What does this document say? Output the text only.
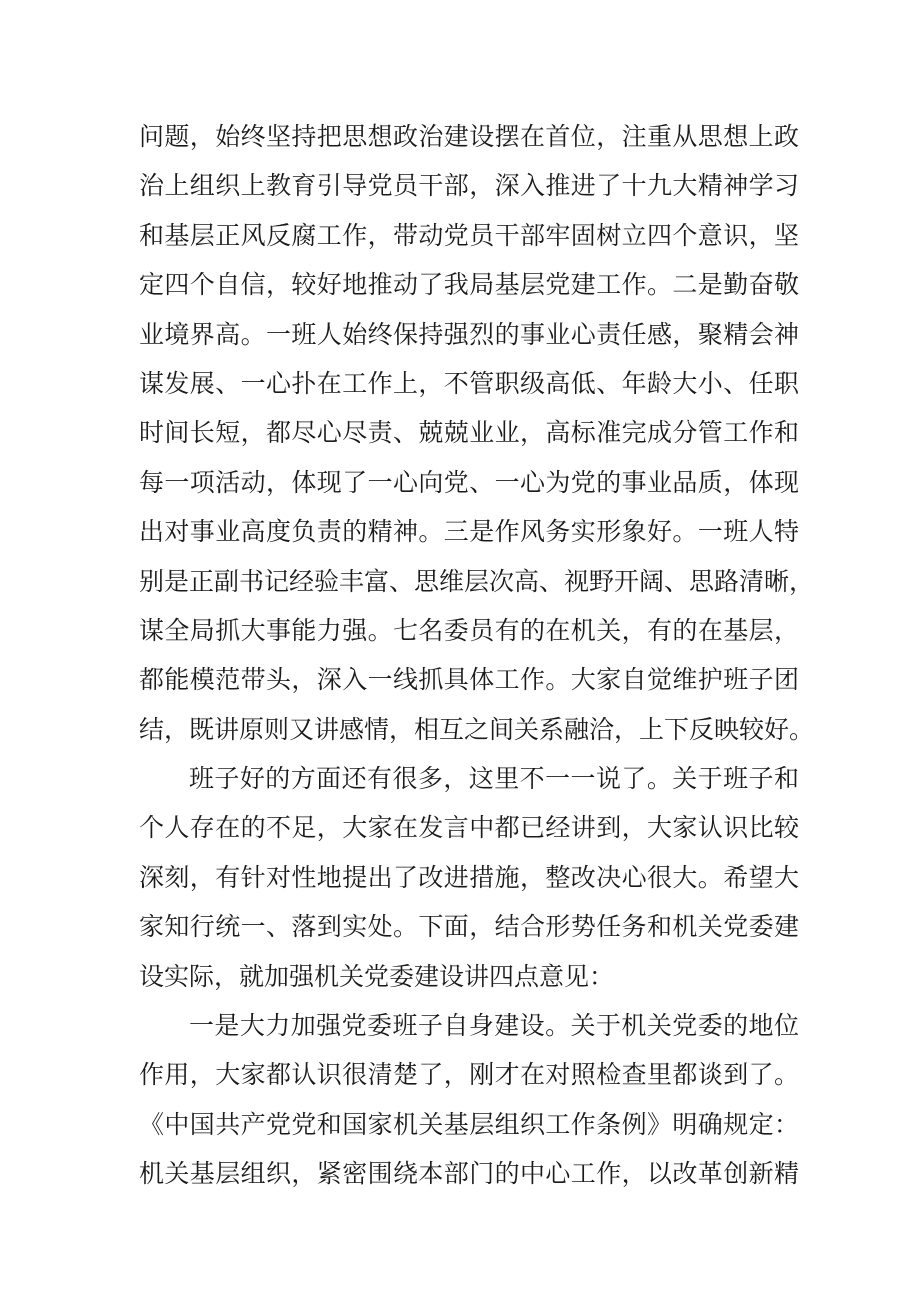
问题，始终坚持把思想政治建设摆在首位，注重从思想上政
治上组织上教育引导党员干部，深入推进了十九大精神学习
和基层正风反腐工作，带动党员干部牢固树立四个意识，坚
定四个自信，较好地推动了我局基层党建工作。二是勤奋敬
业境界高。一班人始终保持强烈的事业心责任感，聚精会神
谋发展、一心扑在工作上，不管职级高低、年龄大小、任职
时间长短，都尽心尽责、兢兢业业，高标准完成分管工作和
每一项活动，体现了一心向党、一心为党的事业品质，体现
出对事业高度负责的精神。三是作风务实形象好。一班人特
别是正副书记经验丰富、思维层次高、视野开阔、思路清晰，
谋全局抓大事能力强。七名委员有的在机关，有的在基层，
都能模范带头，深入一线抓具体工作。大家自觉维护班子团
结，既讲原则又讲感情，相互之间关系融洽，上下反映较好。
班子好的方面还有很多，这里不一一说了。关于班子和
个人存在的不足，大家在发言中都已经讲到，大家认识比较
深刻，有针对性地提出了改进措施，整改决心很大。希望大
家知行统一、落到实处。下面，结合形势任务和机关党委建
设实际，就加强机关党委建设讲四点意见：
一是大力加强党委班子自身建设。关于机关党委的地位
作用，大家都认识很清楚了，刚才在对照检查里都谈到了。
《中国共产党党和国家机关基层组织工作条例》明确规定：
机关基层组织，紧密围绕本部门的中心工作，以改革创新精
